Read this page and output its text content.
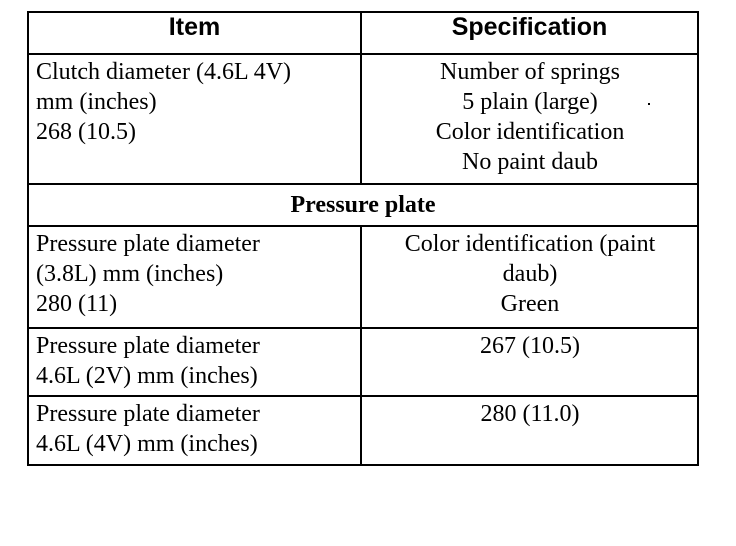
Item	Specification

Clutch diameter (4.6L 4V)
mm (inches)
268 (10.5)	Number of springs
5 plain (large)
Color identification
No paint daub

Pressure plate	

Pressure plate diameter
(3.8L) mm (inches)
280 (11)	Color identification (paint
daub)
Green

Pressure plate diameter
4.6L (2V) mm (inches)	267 (10.5)

Pressure plate diameter
4.6L (4V) mm (inches)	280 (11.0)
